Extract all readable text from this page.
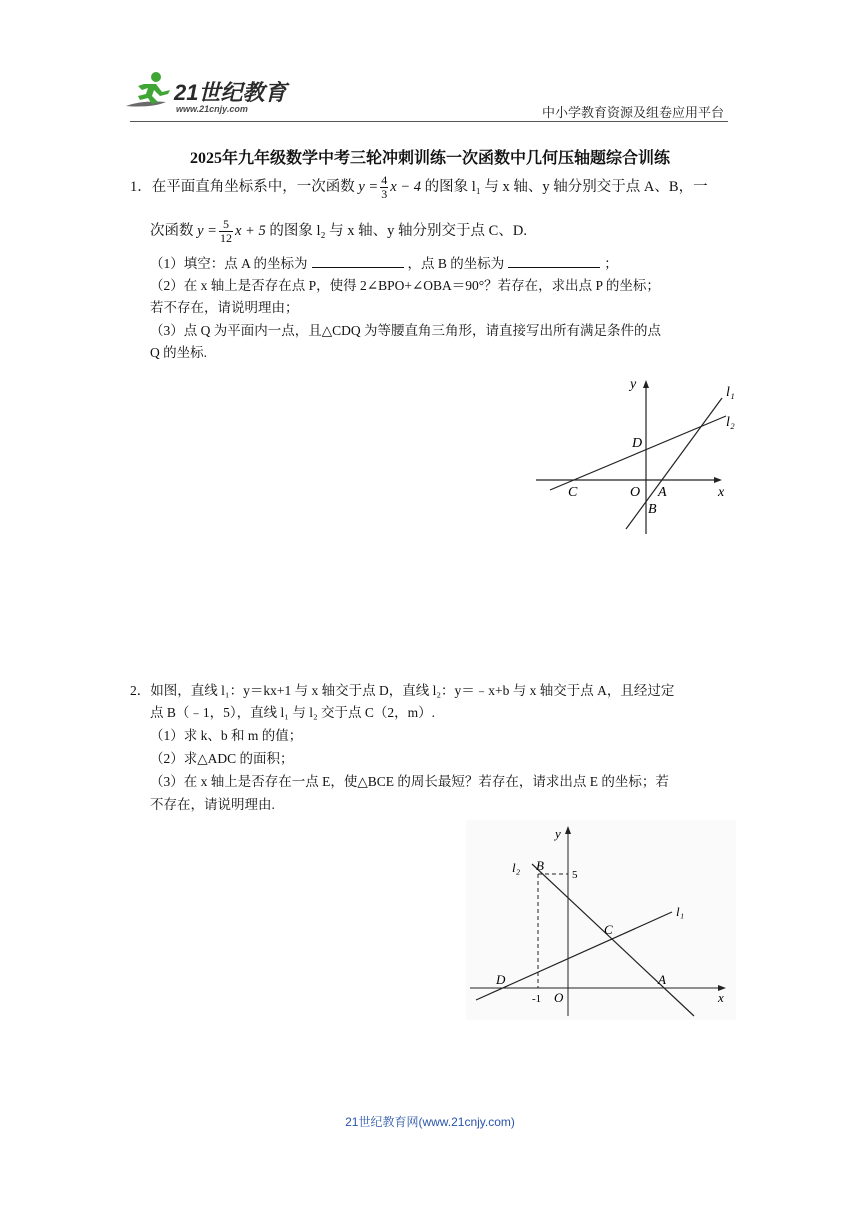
21世纪教育
www.21cnjy.com	中小学教育资源及组卷应用平台
2025年九年级数学中考三轮冲刺训练一次函数中几何压轴题综合训练
1．在平面直角坐标系中，一次函数 $y = \frac{4}{3}$ x − 4 的图象 l₁ 与 x 轴、y 轴分别交于点 A、B，一
次函数 $y = \frac{5}{12}$ x + 5 的图象 l₂ 与 x 轴、y 轴分别交于点 C、D.
（1）填空：点 A 的坐标为	，点 B 的坐标为	；
（2）在 x 轴上是否存在点 P，使得 2∠BPO+∠OBA＝90°？若存在，求出点 P 的坐标；
若不存在，请说明理由；
（3）点 Q 为平面内一点，且△CDQ 为等腰直角三角形，请直接写出所有满足条件的点
Q 的坐标.
y
l₁
l₂
D
C	O A	x
B
2．如图，直线 l₁：y＝kx+1 与 x 轴交于点 D，直线 l₂：y＝﹣x+b 与 x 轴交于点 A，且经过定
点 B（﹣1，5），直线 l₁ 与 l₂ 交于点 C（2，m）.
（1）求 k、b 和 m 的值；
（2）求△ADC 的面积；
（3）在 x 轴上是否存在一点 E，使△BCE 的周长最短？若存在，请求出点 E 的坐标；若
不存在，请说明理由.
y
l₂ B
5
l₁
C
D	A
-1 O	x
21世纪教育网(www.21cnjy.com)
